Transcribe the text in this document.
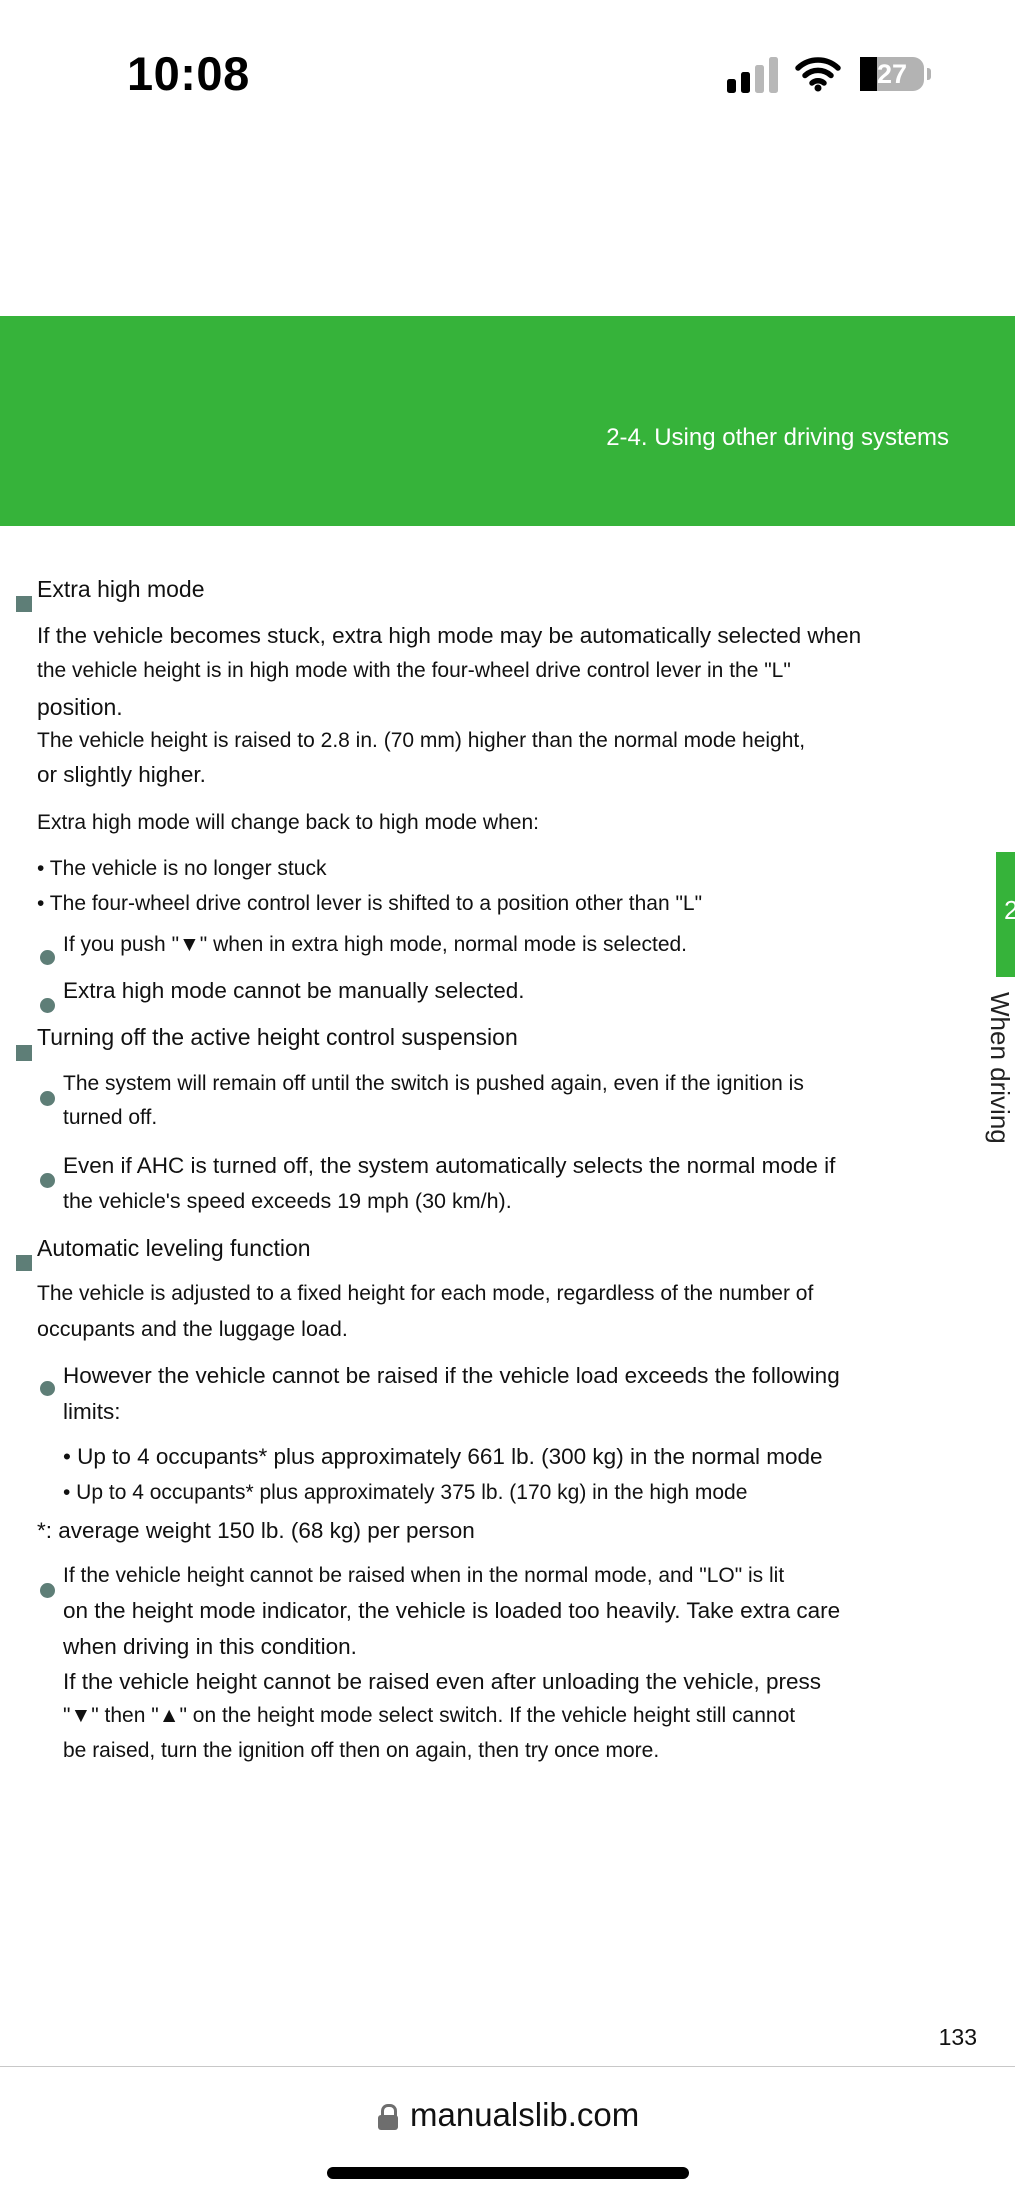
10:08	27
2-4. Using other driving systems
2
When driving
Extra high mode
If the vehicle becomes stuck, extra high mode may be automatically selected when
the vehicle height is in high mode with the four-wheel drive control lever in the "L"
position.
The vehicle height is raised to 2.8 in. (70 mm) higher than the normal mode height,
or slightly higher.
Extra high mode will change back to high mode when:
• The vehicle is no longer stuck
• The four-wheel drive control lever is shifted to a position other than "L"
If you push "▼" when in extra high mode, normal mode is selected.
Extra high mode cannot be manually selected.
Turning off the active height control suspension
The system will remain off until the switch is pushed again, even if the ignition is
turned off.
Even if AHC is turned off, the system automatically selects the normal mode if
the vehicle's speed exceeds 19 mph (30 km/h).
Automatic leveling function
The vehicle is adjusted to a fixed height for each mode, regardless of the number of
occupants and the luggage load.
However the vehicle cannot be raised if the vehicle load exceeds the following
limits:
• Up to 4 occupants* plus approximately 661 lb. (300 kg) in the normal mode
• Up to 4 occupants* plus approximately 375 lb. (170 kg) in the high mode
*: average weight 150 lb. (68 kg) per person
If the vehicle height cannot be raised when in the normal mode, and "LO" is lit
on the height mode indicator, the vehicle is loaded too heavily. Take extra care
when driving in this condition.
If the vehicle height cannot be raised even after unloading the vehicle, press
"▼" then "▲" on the height mode select switch. If the vehicle height still cannot
be raised, turn the ignition off then on again, then try once more.
133
manualslib.com
